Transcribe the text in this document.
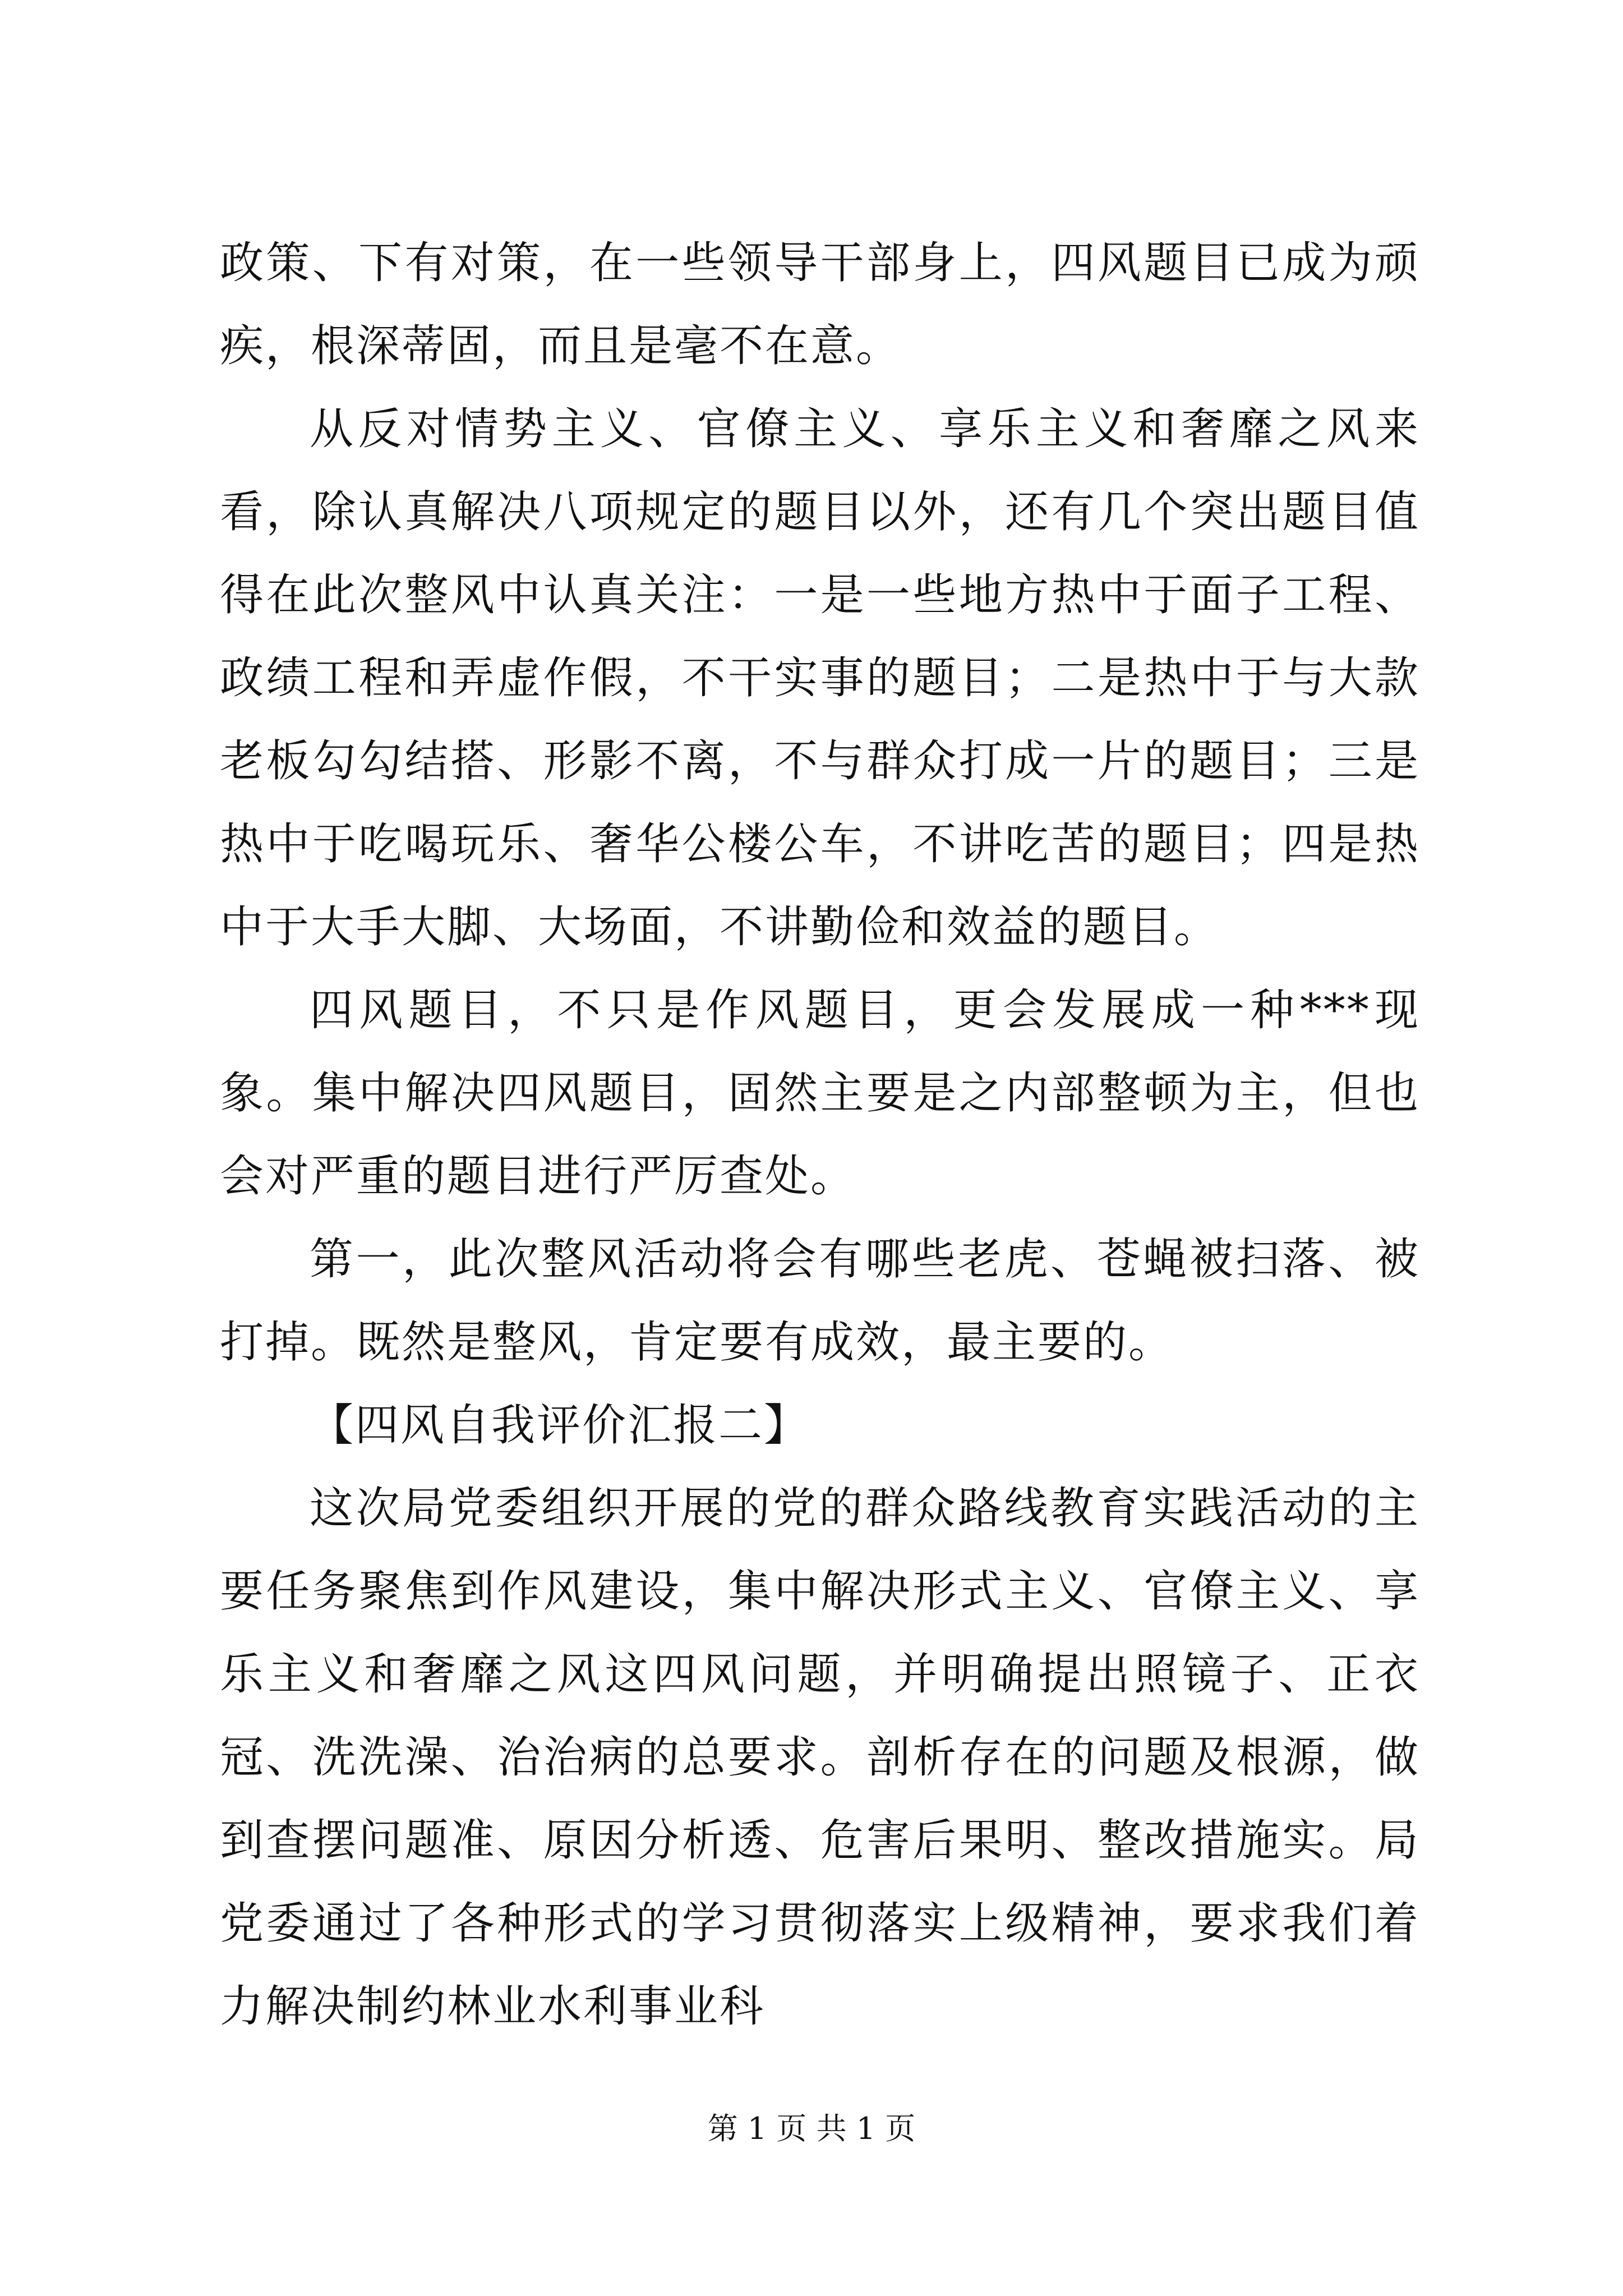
政策、下有对策，在一些领导干部身上，四风题目已成为顽疾，根深蒂固，而且是毫不在意。

从反对情势主义、官僚主义、享乐主义和奢靡之风来看，除认真解决八项规定的题目以外，还有几个突出题目值得在此次整风中认真关注：一是一些地方热中于面子工程、政绩工程和弄虚作假，不干实事的题目；二是热中于与大款老板勾勾结搭、形影不离，不与群众打成一片的题目；三是热中于吃喝玩乐、奢华公楼公车，不讲吃苦的题目；四是热中于大手大脚、大场面，不讲勤俭和效益的题目。

四风题目，不只是作风题目，更会发展成一种***现象。集中解决四风题目，固然主要是之内部整顿为主，但也会对严重的题目进行严厉查处。

第一，此次整风活动将会有哪些老虎、苍蝇被扫落、被打掉。既然是整风，肯定要有成效，最主要的。

【四风自我评价汇报二】

这次局党委组织开展的党的群众路线教育实践活动的主要任务聚焦到作风建设，集中解决形式主义、官僚主义、享乐主义和奢靡之风这四风问题，并明确提出照镜子、正衣冠、洗洗澡、治治病的总要求。剖析存在的问题及根源，做到查摆问题准、原因分析透、危害后果明、整改措施实。局党委通过了各种形式的学习贯彻落实上级精神，要求我们着力解决制约林业水利事业科

第 1 页 共 1 页
